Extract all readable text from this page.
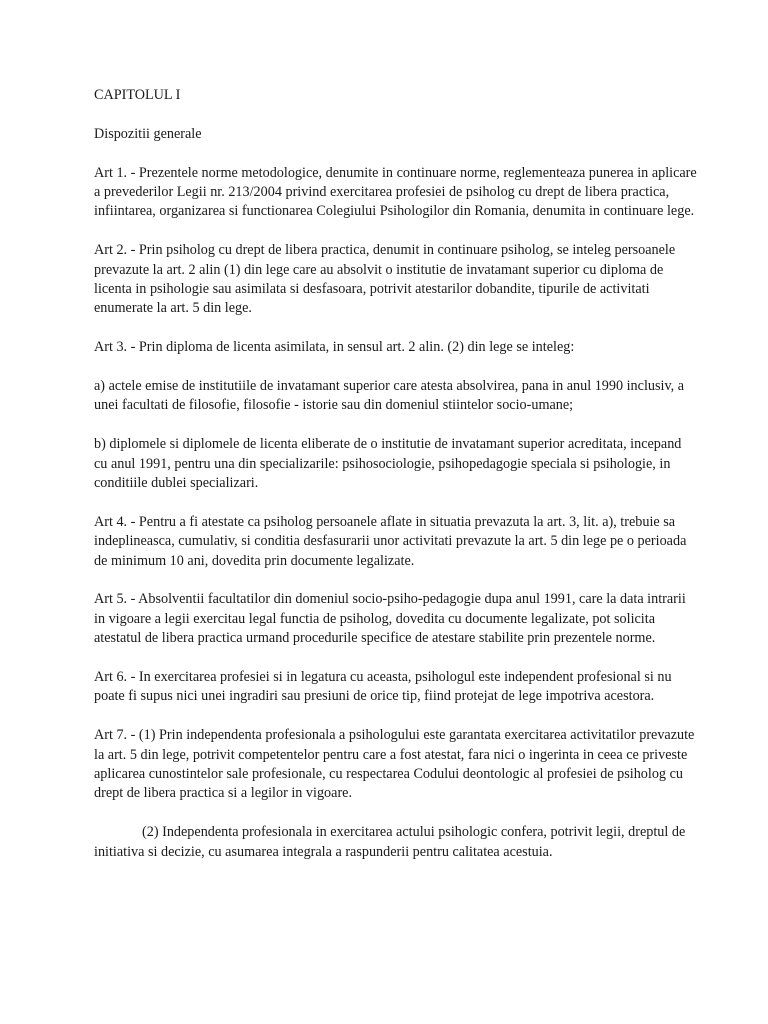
CAPITOLUL I

Dispozitii generale

Art 1. - Prezentele norme metodologice, denumite in continuare norme, reglementeaza punerea in aplicare a prevederilor Legii nr. 213/2004 privind exercitarea profesiei de psiholog cu drept de libera practica, infiintarea, organizarea si functionarea Colegiului Psihologilor din Romania, denumita in continuare lege.

Art 2. - Prin psiholog cu drept de libera practica, denumit in continuare psiholog, se inteleg persoanele prevazute la art. 2 alin (1) din lege care au absolvit o institutie de invatamant superior cu diploma de licenta in psihologie sau asimilata si desfasoara, potrivit atestarilor dobandite, tipurile de activitati enumerate la art. 5 din lege.

Art 3. - Prin diploma de licenta asimilata, in sensul art. 2 alin. (2) din lege se inteleg:

a) actele emise de institutiile de invatamant superior care atesta absolvirea, pana in anul 1990 inclusiv, a unei facultati de filosofie, filosofie - istorie sau din domeniul stiintelor socio-umane;

b) diplomele si diplomele de licenta eliberate de o institutie de invatamant superior acreditata, incepand cu anul 1991, pentru una din specializarile: psihosociologie, psihopedagogie speciala si psihologie, in conditiile dublei specializari.

Art 4. - Pentru a fi atestate ca psiholog persoanele aflate in situatia prevazuta la art. 3, lit. a), trebuie sa indeplineasca, cumulativ, si conditia desfasurarii unor activitati prevazute la art. 5 din lege pe o perioada de minimum 10 ani, dovedita prin documente legalizate.

Art 5. - Absolventii facultatilor din domeniul socio-psiho-pedagogie dupa anul 1991, care la data intrarii in vigoare a legii exercitau legal functia de psiholog, dovedita cu documente legalizate, pot solicita atestatul de libera practica urmand procedurile specifice de atestare stabilite prin prezentele norme.

Art 6. - In exercitarea profesiei si in legatura cu aceasta, psihologul este independent profesional si nu poate fi supus nici unei ingradiri sau presiuni de orice tip, fiind protejat de lege impotriva acestora.

Art 7. - (1) Prin independenta profesionala a psihologului este garantata exercitarea activitatilor prevazute la art. 5 din lege, potrivit competentelor pentru care a fost atestat, fara nici o ingerinta in ceea ce priveste aplicarea cunostintelor sale profesionale, cu respectarea Codului deontologic al profesiei de psiholog cu drept de libera practica si a legilor in vigoare.

(2) Independenta profesionala in exercitarea actului psihologic confera, potrivit legii, dreptul de initiativa si decizie, cu asumarea integrala a raspunderii pentru calitatea acestuia.
